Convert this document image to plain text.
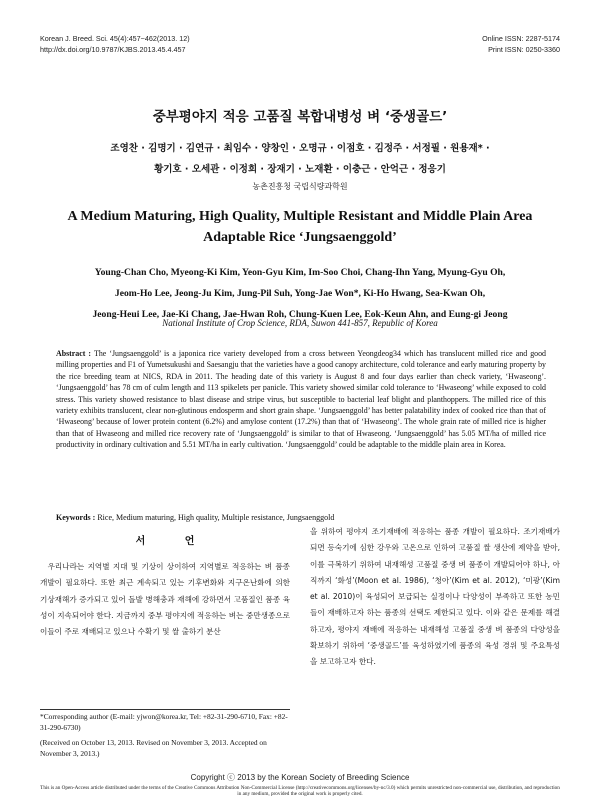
Korean J. Breed. Sci. 45(4):457~462(2013. 12)
http://dx.doi.org/10.9787/KJBS.2013.45.4.457
Online ISSN: 2287-5174
Print ISSN: 0250-3360
중부평야지 적응 고품질 복합내병성 벼 ‘중생골드’
조영찬 · 김명기 · 김연규 · 최임수 · 양창인 · 오명규 · 이점호 · 김정주 · 서정필 · 원용재* ·
황기호 · 오세관 · 이정희 · 장재기 · 노재환 · 이충근 · 안억근 · 정응기
농촌진흥청 국립식량과학원
A Medium Maturing, High Quality, Multiple Resistant and Middle Plain Area
Adaptable Rice ‘Jungsaenggold’
Young-Chan Cho, Myeong-Ki Kim, Yeon-Gyu Kim, Im-Soo Choi, Chang-Ihn Yang, Myung-Gyu Oh,
Jeom-Ho Lee, Jeong-Ju Kim, Jung-Pil Suh, Yong-Jae Won*, Ki-Ho Hwang, Sea-Kwan Oh,
Jeong-Heui Lee, Jae-Ki Chang, Jae-Hwan Roh, Chung-Kuen Lee, Eok-Keun Ahn, and Eung-gi Jeong
National Institute of Crop Science, RDA, Suwon 441-857, Republic of Korea
Abstract : The ‘Jungsaenggold’ is a japonica rice variety developed from a cross between Yeongdeog34 which has translucent milled rice and good milling properties and F1 of Yumetsukushi and Saesangju that the varieties have a good canopy architecture, cold tolerance and early maturing property by the rice breeding team at NICS, RDA in 2011. The heading date of this variety is August 8 and four days earlier than check variety, ‘Hwaseong’. ‘Jungsaenggold’ has 78 cm of culm length and 113 spikelets per panicle. This variety showed similar cold tolerance to ‘Hwaseong’ while exposed to cold stress. This variety showed resistance to blast disease and stripe virus, but susceptible to bacterial leaf blight and planthoppers. The milled rice of this variety exhibits translucent, clear non-glutinous endosperm and short grain shape. ‘Jungsaenggold’ has better palatability index of cooked rice than that of ‘Hwaseong’ because of lower protein content (6.2%) and amylose content (17.2%) than that of ‘Hwaseong’. The whole grain rate of milled rice is higher than that of Hwaseong and milled rice recovery rate of ‘Jungsaenggold’ is similar to that of Hwaseong. ‘Jungsaenggold’ has 5.05 MT/ha of milled rice productivity in ordinary cultivation and 5.51 MT/ha in early cultivation. ‘Jungsaenggold’ could be adaptable to the middle plain area in Korea.
Keywords : Rice, Medium maturing, High quality, Multiple resistance, Jungsaenggold
서 언
우리나라는 지역별 지대 및 기상이 상이하여 지역별로 적응하는 벼 품종 개발이 필요하다. 또한 최근 계속되고 있는 기후변화와 지구온난화에 의한 기상재해가 증가되고 있어 돌발 병해충과 재해에 강하면서 고품질인 품종 육성이 지속되어야 한다. 지금까지 중부 평야지에 적응하는 벼는 중만생종으로 이들이 주로 재배되고 있으나 수확기 및 쌀 출하기 분산
을 위하여 평야지 조기재배에 적응하는 품종 개발이 필요하다. 조기재배가 되면 등숙기에 심한 강우와 고온으로 인하여 고품질 쌀 생산에 제약을 받아, 이를 극복하기 위하여 내재해성 고품질 중생 벼 품종이 개발되어야 하나, 아직까지 ‘화성’(Moon et al. 1986), ‘청아’(Kim et al. 2012), ‘미광’(Kim et al. 2010)이 육성되어 보급되는 실정이나 다양성이 부족하고 또한 농민들이 재배하고자 하는 품종의 선택도 제한되고 있다. 이와 같은 문제를 해결하고자, 평야지 재배에 적응하는 내재해성 고품질 중생 벼 품종의 다양성을 확보하기 위하여 ‘중생골드’를 육성하였기에 품종의 육성 경위 및 주요특성을 보고하고자 한다.
*Corresponding author (E-mail: yjwon@korea.kr, Tel: +82-31-290-6710, Fax: +82-31-290-6730)
(Received on October 13, 2013. Revised on November 3, 2013. Accepted on November 3, 2013.)
Copyright ⓒ 2013 by the Korean Society of Breeding Science
This is an Open-Access article distributed under the terms of the Creative Commons Attribution Non-Commercial License (http://creativecommons.org/licenses/by-nc/3.0) which permits unrestricted non-commercial use, distribution, and reproduction in any medium, provided the original work is properly cited.
